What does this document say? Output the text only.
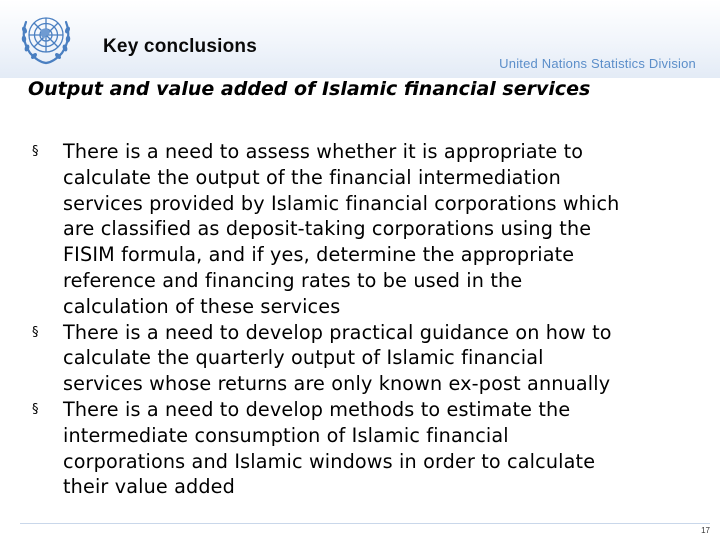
Key conclusions
United Nations Statistics Division
Output and value added of Islamic financial services
§ There is a need to assess whether it is appropriate to
calculate the output of the financial intermediation
services provided by Islamic financial corporations which
are classified as deposit-taking corporations using the
FISIM formula, and if yes, determine the appropriate
reference and financing rates to be used in the
calculation of these services
§ There is a need to develop practical guidance on how to
calculate the quarterly output of Islamic financial
services whose returns are only known ex-post annually
§ There is a need to develop methods to estimate the
intermediate consumption of Islamic financial
corporations and Islamic windows in order to calculate
their value added
17
